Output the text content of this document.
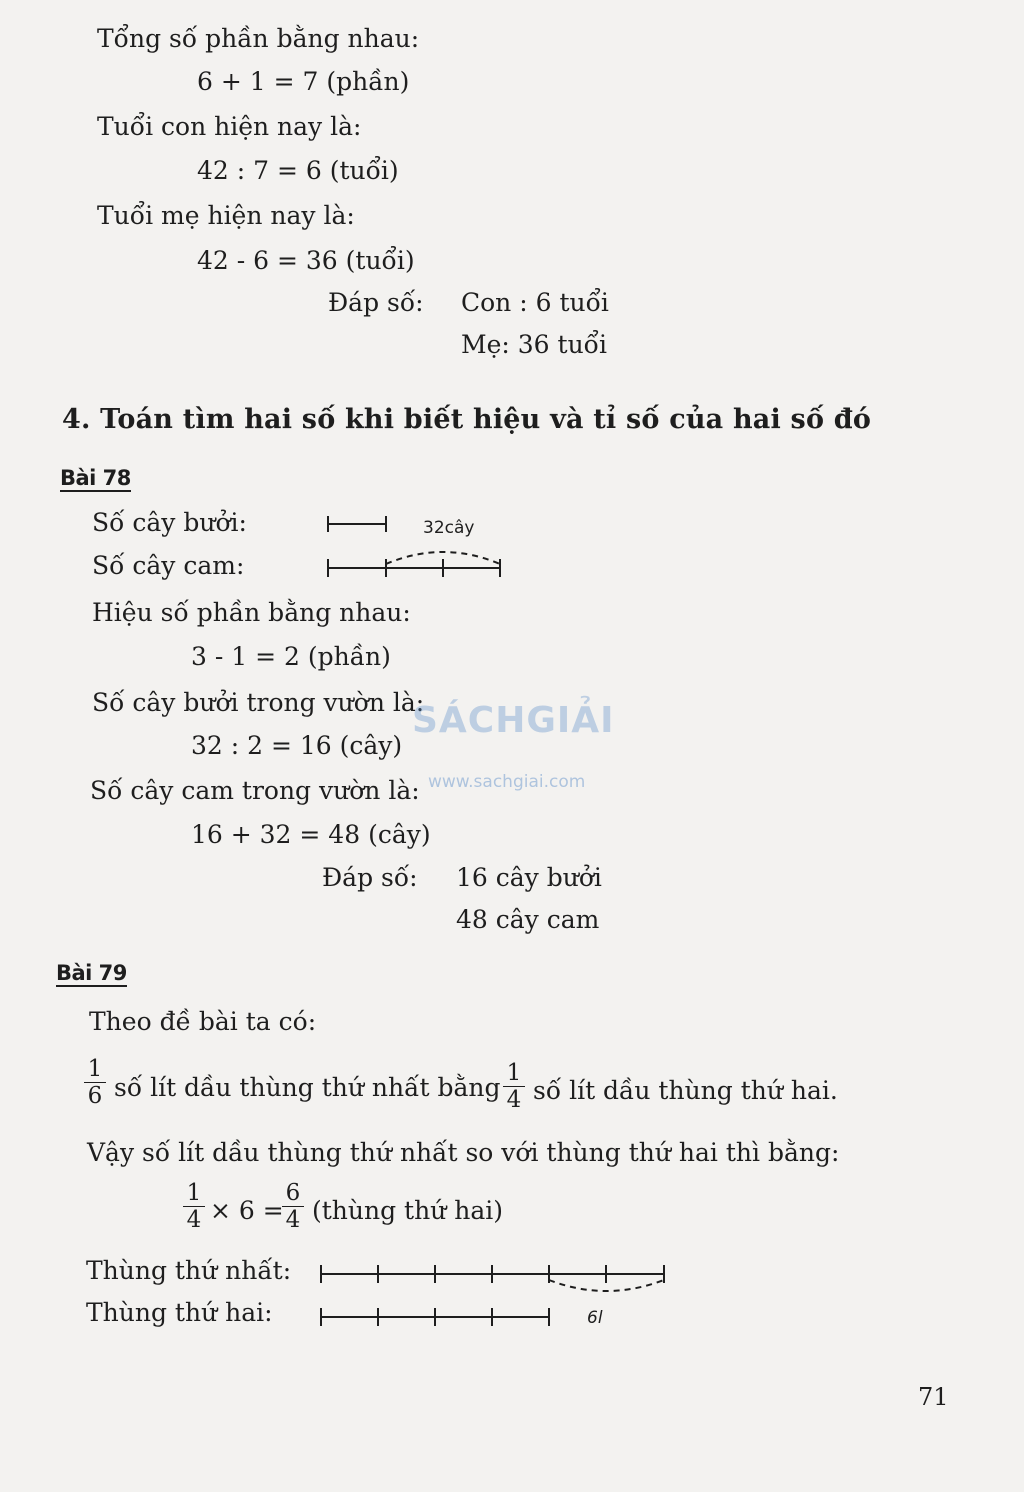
Tổng số phần bằng nhau:
6 + 1 = 7 (phần)
Tuổi con hiện nay là:
42 : 7 = 6 (tuổi)
Tuổi mẹ hiện nay là:
42 - 6 = 36 (tuổi)
Đáp số: Con : 6 tuổi
Mẹ: 36 tuổi
4. Toán tìm hai số khi biết hiệu và tỉ số của hai số đó
Bài 78
Số cây bưởi:
Số cây cam:
32cây
Hiệu số phần bằng nhau:
3 - 1 = 2 (phần)
Số cây bưởi trong vườn là:
32 : 2 = 16 (cây)
Số cây cam trong vườn là:
16 + 32 = 48 (cây)
Đáp số: 16 cây bưởi
48 cây cam
Bài 79
Theo đề bài ta có:
$\frac{1}{6}$ số lít dầu thùng thứ nhất bằng $\frac{1}{4}$ số lít dầu thùng thứ hai.
Vậy số lít dầu thùng thứ nhất so với thùng thứ hai thì bằng:
$\frac{1}{4} \times 6$ =
$\frac{6}{4}$ (thùng thứ hai)
Thùng thứ nhất:
Thùng thứ hai:	6l
SÁCHGIẢI
www.sachgiai.com
71
